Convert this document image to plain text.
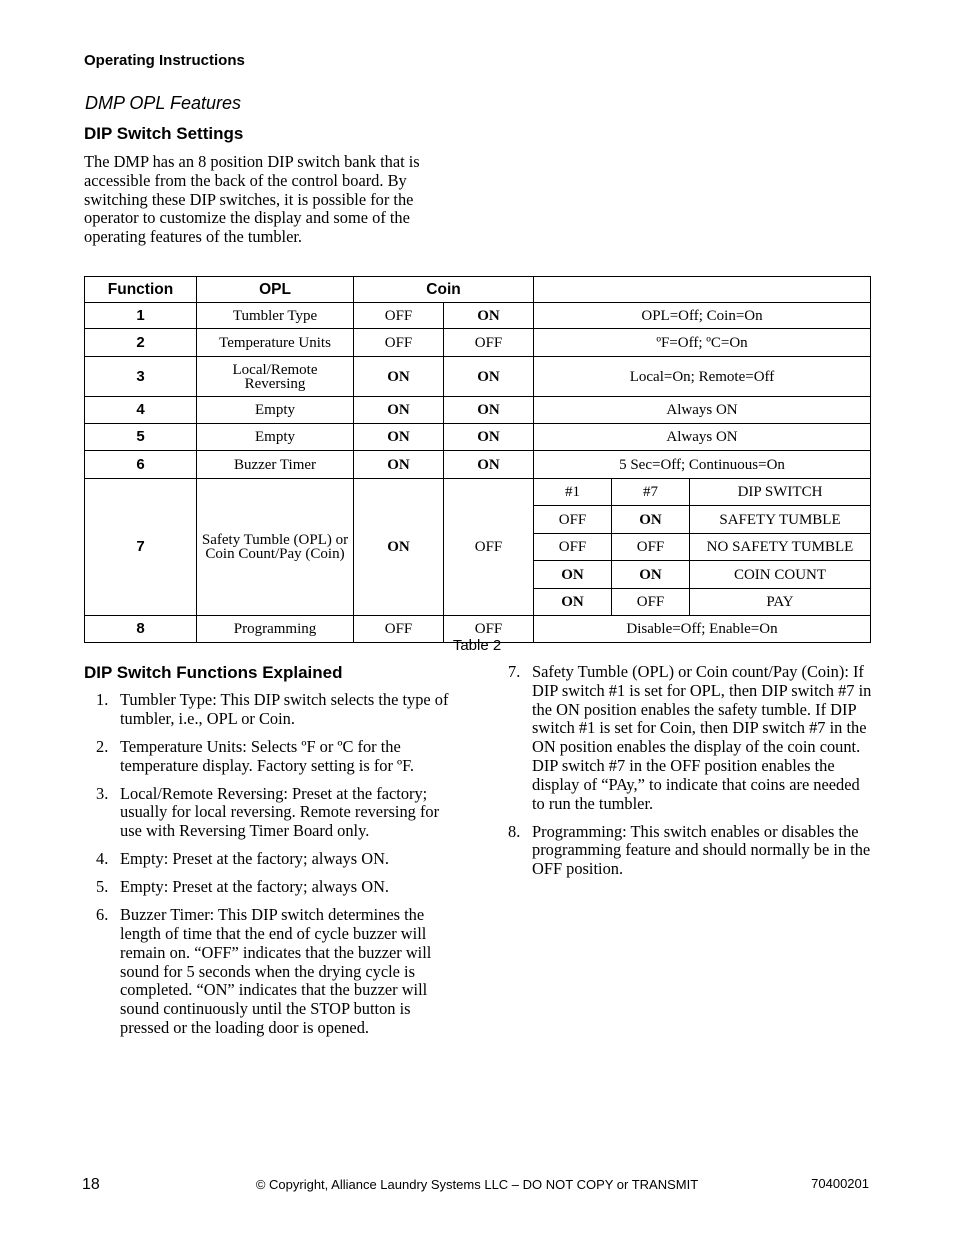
Operating Instructions
DMP OPL Features
DIP Switch Settings
The DMP has an 8 position DIP switch bank that is accessible from the back of the control board. By switching these DIP switches, it is possible for the operator to customize the display and some of the operating features of the tumbler.
Function	OPL	Coin				
1	Tumbler Type	OFF	ON	OPL=Off; Coin=On		
2	Temperature Units	OFF	OFF	ºF=Off; ºC=On		
3	Local/Remote Reversing	ON	ON	Local=On; Remote=Off		
4	Empty	ON	ON	Always ON		
5	Empty	ON	ON	Always ON		
6	Buzzer Timer	ON	ON	5 Sec=Off; Continuous=On		
7	Safety Tumble (OPL) or Coin Count/Pay (Coin)	ON	OFF	#1	#7	DIP SWITCH
				OFF	ON	SAFETY TUMBLE
				OFF	OFF	NO SAFETY TUMBLE
				ON	ON	COIN COUNT
				ON	OFF	PAY
8	Programming	OFF	OFF	Disable=Off; Enable=On		
Table 2
DIP Switch Functions Explained
1. Tumbler Type: This DIP switch selects the type of tumbler, i.e., OPL or Coin.
2. Temperature Units: Selects ºF or ºC for the temperature display. Factory setting is for ºF.
3. Local/Remote Reversing: Preset at the factory; usually for local reversing. Remote reversing for use with Reversing Timer Board only.
4. Empty: Preset at the factory; always ON.
5. Empty: Preset at the factory; always ON.
6. Buzzer Timer: This DIP switch determines the length of time that the end of cycle buzzer will remain on. “OFF” indicates that the buzzer will sound for 5 seconds when the drying cycle is completed. “ON” indicates that the buzzer will sound continuously until the STOP button is pressed or the loading door is opened.
7. Safety Tumble (OPL) or Coin count/Pay (Coin): If DIP switch #1 is set for OPL, then DIP switch #7 in the ON position enables the safety tumble. If DIP switch #1 is set for Coin, then DIP switch #7 in the ON position enables the display of the coin count. DIP switch #7 in the OFF position enables the display of “PAy,” to indicate that coins are needed to run the tumbler.
8. Programming: This switch enables or disables the programming feature and should normally be in the OFF position.
18	© Copyright, Alliance Laundry Systems LLC – DO NOT COPY or TRANSMIT	70400201
